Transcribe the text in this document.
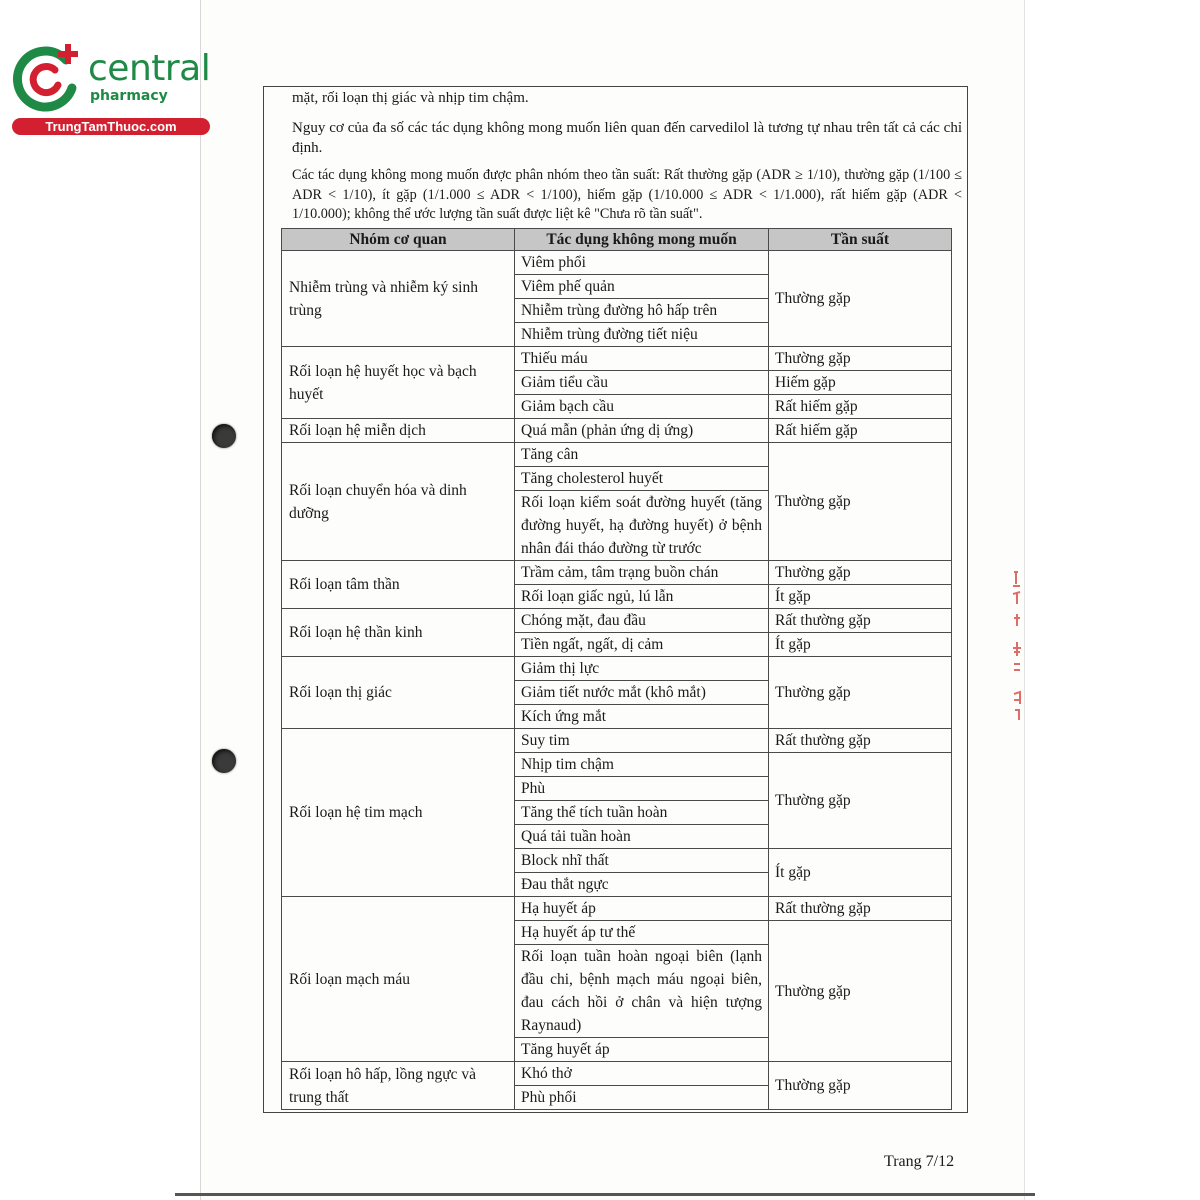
central
pharmacy
TrungTamThuoc.com
mặt, rối loạn thị giác và nhịp tim chậm.
Nguy cơ của đa số các tác dụng không mong muốn liên quan đến carvedilol là tương tự nhau trên tất cả các chỉ định.
Các tác dụng không mong muốn được phân nhóm theo tần suất: Rất thường gặp (ADR ≥ 1/10), thường gặp (1/100 ≤ ADR < 1/10), ít gặp (1/1.000 ≤ ADR < 1/100), hiếm gặp (1/10.000 ≤ ADR < 1/1.000), rất hiếm gặp (ADR < 1/10.000); không thể ước lượng tần suất được liệt kê "Chưa rõ tần suất".
Nhóm cơ quan	Tác dụng không mong muốn	Tần suất
Nhiễm trùng và nhiễm ký sinh trùng	Viêm phổi	Thường gặp
	Viêm phế quản	
	Nhiễm trùng đường hô hấp trên	
	Nhiễm trùng đường tiết niệu	
Rối loạn hệ huyết học và bạch huyết	Thiếu máu	Thường gặp
	Giảm tiểu cầu	Hiếm gặp
	Giảm bạch cầu	Rất hiếm gặp
Rối loạn hệ miễn dịch	Quá mẫn (phản ứng dị ứng)	Rất hiếm gặp
Rối loạn chuyển hóa và dinh dưỡng	Tăng cân	Thường gặp
	Tăng cholesterol huyết	
	Rối loạn kiểm soát đường huyết (tăng đường huyết, hạ đường huyết) ở bệnh nhân đái tháo đường từ trước	
Rối loạn tâm thần	Trầm cảm, tâm trạng buồn chán	Thường gặp
	Rối loạn giấc ngủ, lú lẫn	Ít gặp
Rối loạn hệ thần kinh	Chóng mặt, đau đầu	Rất thường gặp
	Tiền ngất, ngất, dị cảm	Ít gặp
Rối loạn thị giác	Giảm thị lực	Thường gặp
	Giảm tiết nước mắt (khô mắt)	
	Kích ứng mắt	
Rối loạn hệ tim mạch	Suy tim	Rất thường gặp
	Nhịp tim chậm	Thường gặp
	Phù	
	Tăng thể tích tuần hoàn	
	Quá tải tuần hoàn	
	Block nhĩ thất	Ít gặp
	Đau thắt ngực	
Rối loạn mạch máu	Hạ huyết áp	Rất thường gặp
	Hạ huyết áp tư thế	Thường gặp
	Rối loạn tuần hoàn ngoại biên (lạnh đầu chi, bệnh mạch máu ngoại biên, đau cách hồi ở chân và hiện tượng Raynaud)	
	Tăng huyết áp	
Rối loạn hô hấp, lồng ngực và trung thất	Khó thở	Thường gặp
	Phù phổi	
Trang 7/12
